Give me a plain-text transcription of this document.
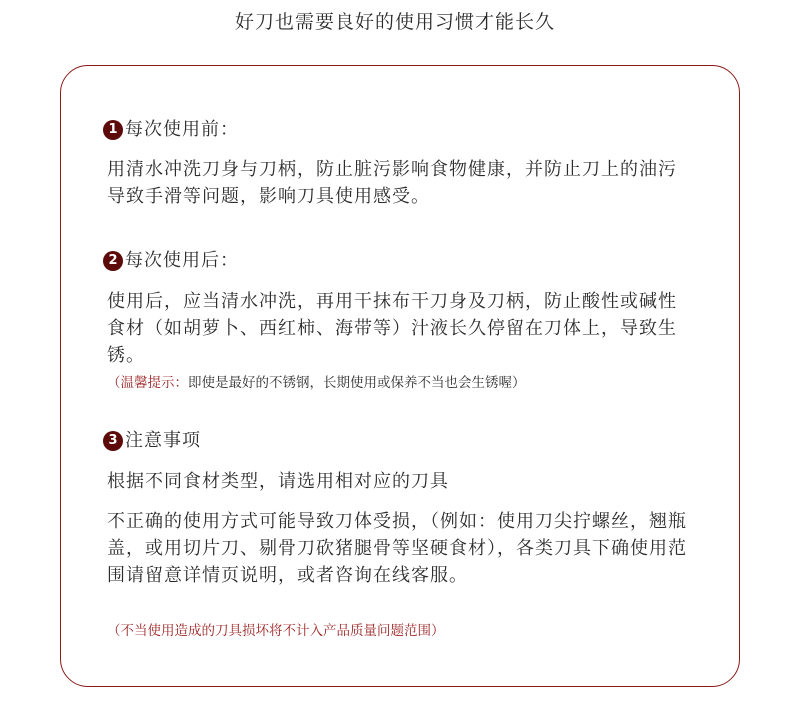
好刀也需要良好的使用习惯才能长久
1 每次使用前：

用清水冲洗刀身与刀柄，防止脏污影响食物健康，并防止刀上的油污导致手滑等问题，影响刀具使用感受。

2 每次使用后：

使用后，应当清水冲洗，再用干抹布干刀身及刀柄，防止酸性或碱性食材（如胡萝卜、西红柿、海带等）汁液长久停留在刀体上，导致生锈。

（温馨提示：即使是最好的不锈钢，长期使用或保养不当也会生锈喔）
3 注意事项

根据不同食材类型，请选用相对应的刀具

不正确的使用方式可能导致刀体受损，（例如：使用刀尖拧螺丝，翘瓶盖，或用切片刀、剔骨刀砍猪腿骨等坚硬食材），各类刀具下确使用范围请留意详情页说明，或者咨询在线客服。

（不当使用造成的刀具损坏将不计入产品质量问题范围）
